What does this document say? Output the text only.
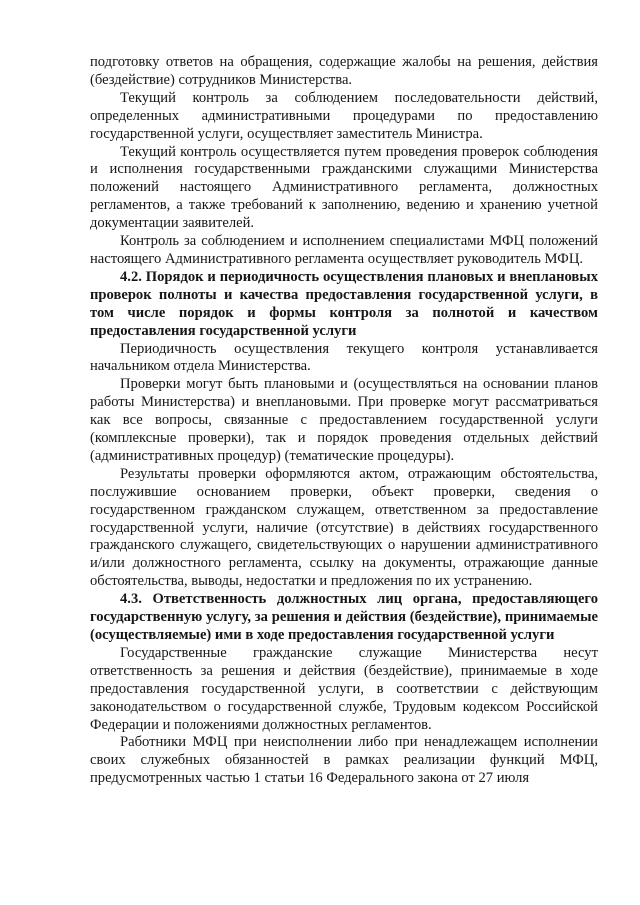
подготовку ответов на обращения, содержащие жалобы на решения, действия (бездействие) сотрудников Министерства.

Текущий контроль за соблюдением последовательности действий, определенных административными процедурами по предоставлению государственной услуги, осуществляет заместитель Министра.

Текущий контроль осуществляется путем проведения проверок соблюдения и исполнения государственными гражданскими служащими Министерства положений настоящего Административного регламента, должностных регламентов, а также требований к заполнению, ведению и хранению учетной документации заявителей.

Контроль за соблюдением и исполнением специалистами МФЦ положений настоящего Административного регламента осуществляет руководитель МФЦ.

4.2. Порядок и периодичность осуществления плановых и внеплановых проверок полноты и качества предоставления государственной услуги, в том числе порядок и формы контроля за полнотой и качеством предоставления государственной услуги

Периодичность осуществления текущего контроля устанавливается начальником отдела Министерства.

Проверки могут быть плановыми и (осуществляться на основании планов работы Министерства) и внеплановыми. При проверке могут рассматриваться как все вопросы, связанные с предоставлением государственной услуги (комплексные проверки), так и порядок проведения отдельных действий (административных процедур) (тематические процедуры).

Результаты проверки оформляются актом, отражающим обстоятельства, послужившие основанием проверки, объект проверки, сведения о государственном гражданском служащем, ответственном за предоставление государственной услуги, наличие (отсутствие) в действиях государственного гражданского служащего, свидетельствующих о нарушении административного и/или должностного регламента, ссылку на документы, отражающие данные обстоятельства, выводы, недостатки и предложения по их устранению.

4.3. Ответственность должностных лиц органа, предоставляющего государственную услугу, за решения и действия (бездействие), принимаемые (осуществляемые) ими в ходе предоставления государственной услуги

Государственные гражданские служащие Министерства несут ответственность за решения и действия (бездействие), принимаемые в ходе предоставления государственной услуги, в соответствии с действующим законодательством о государственной службе, Трудовым кодексом Российской Федерации и положениями должностных регламентов.

Работники МФЦ при неисполнении либо при ненадлежащем исполнении своих служебных обязанностей в рамках реализации функций МФЦ, предусмотренных частью 1 статьи 16 Федерального закона от 27 июля
